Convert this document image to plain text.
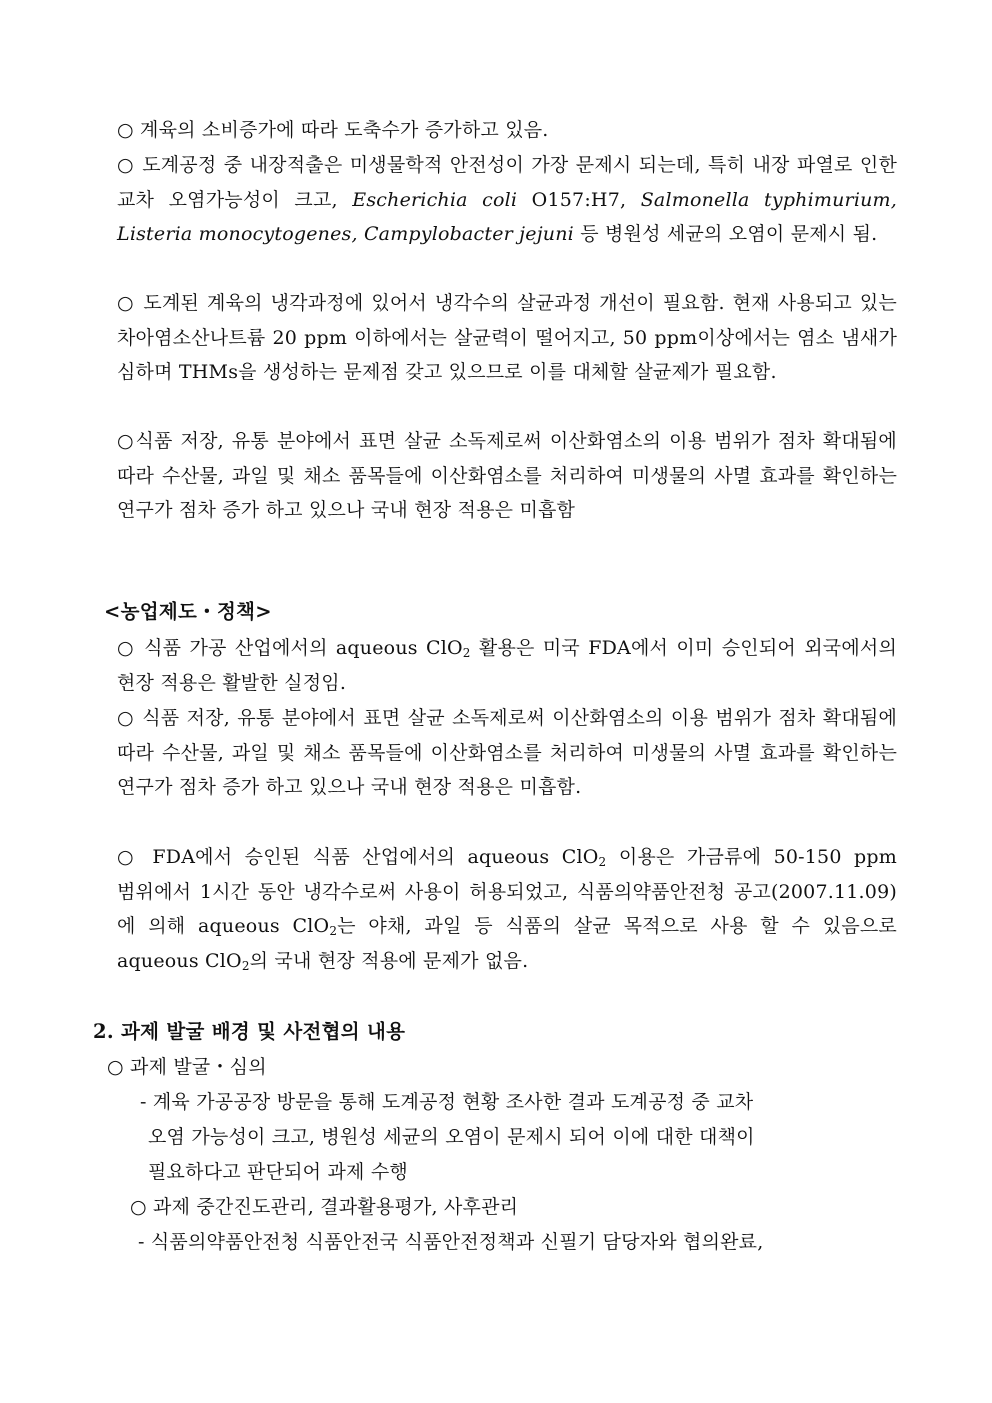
○ 계육의 소비증가에 따라 도축수가 증가하고 있음.
○ 도계공정 중 내장적출은 미생물학적 안전성이 가장 문제시 되는데, 특히 내장 파열로 인한 교차 오염가능성이 크고, Escherichia coli O157:H7, Salmonella typhimurium, Listeria monocytogenes, Campylobacter jejuni 등 병원성 세균의 오염이 문제시 됨.
○ 도계된 계육의 냉각과정에 있어서 냉각수의 살균과정 개선이 필요함. 현재 사용되고 있는 차아염소산나트륨 20 ppm 이하에서는 살균력이 떨어지고, 50 ppm이상에서는 염소 냄새가 심하며 THMs을 생성하는 문제점 갖고 있으므로 이를 대체할 살균제가 필요함.
○식품 저장, 유통 분야에서 표면 살균 소독제로써 이산화염소의 이용 범위가 점차 확대됨에 따라 수산물, 과일 및 채소 품목들에 이산화염소를 처리하여 미생물의 사멸 효과를 확인하는 연구가 점차 증가 하고 있으나 국내 현장 적용은 미흡함
<농업제도・정책>
○ 식품 가공 산업에서의 aqueous ClO$_2$ 활용은 미국 FDA에서 이미 승인되어 외국에서의 현장 적용은 활발한 실정임.
○ 식품 저장, 유통 분야에서 표면 살균 소독제로써 이산화염소의 이용 범위가 점차 확대됨에 따라 수산물, 과일 및 채소 품목들에 이산화염소를 처리하여 미생물의 사멸 효과를 확인하는 연구가 점차 증가 하고 있으나 국내 현장 적용은 미흡함.
○ FDA에서 승인된 식품 산업에서의 aqueous ClO$_2$ 이용은 가금류에 50-150 ppm 범위에서 1시간 동안 냉각수로써 사용이 허용되었고, 식품의약품안전청 공고(2007.11.09)에 의해 aqueous ClO$_2$는 야채, 과일 등 식품의 살균 목적으로 사용 할 수 있음으로 aqueous ClO$_2$의 국내 현장 적용에 문제가 없음.
2. 과제 발굴 배경 및 사전협의 내용
○ 과제 발굴・심의
- 계육 가공공장 방문을 통해 도계공정 현황 조사한 결과 도계공정 중 교차
오염 가능성이 크고, 병원성 세균의 오염이 문제시 되어 이에 대한 대책이
필요하다고 판단되어 과제 수행
○ 과제 중간진도관리, 결과활용평가, 사후관리
- 식품의약품안전청 식품안전국 식품안전정책과 신필기 담당자와 협의완료,
